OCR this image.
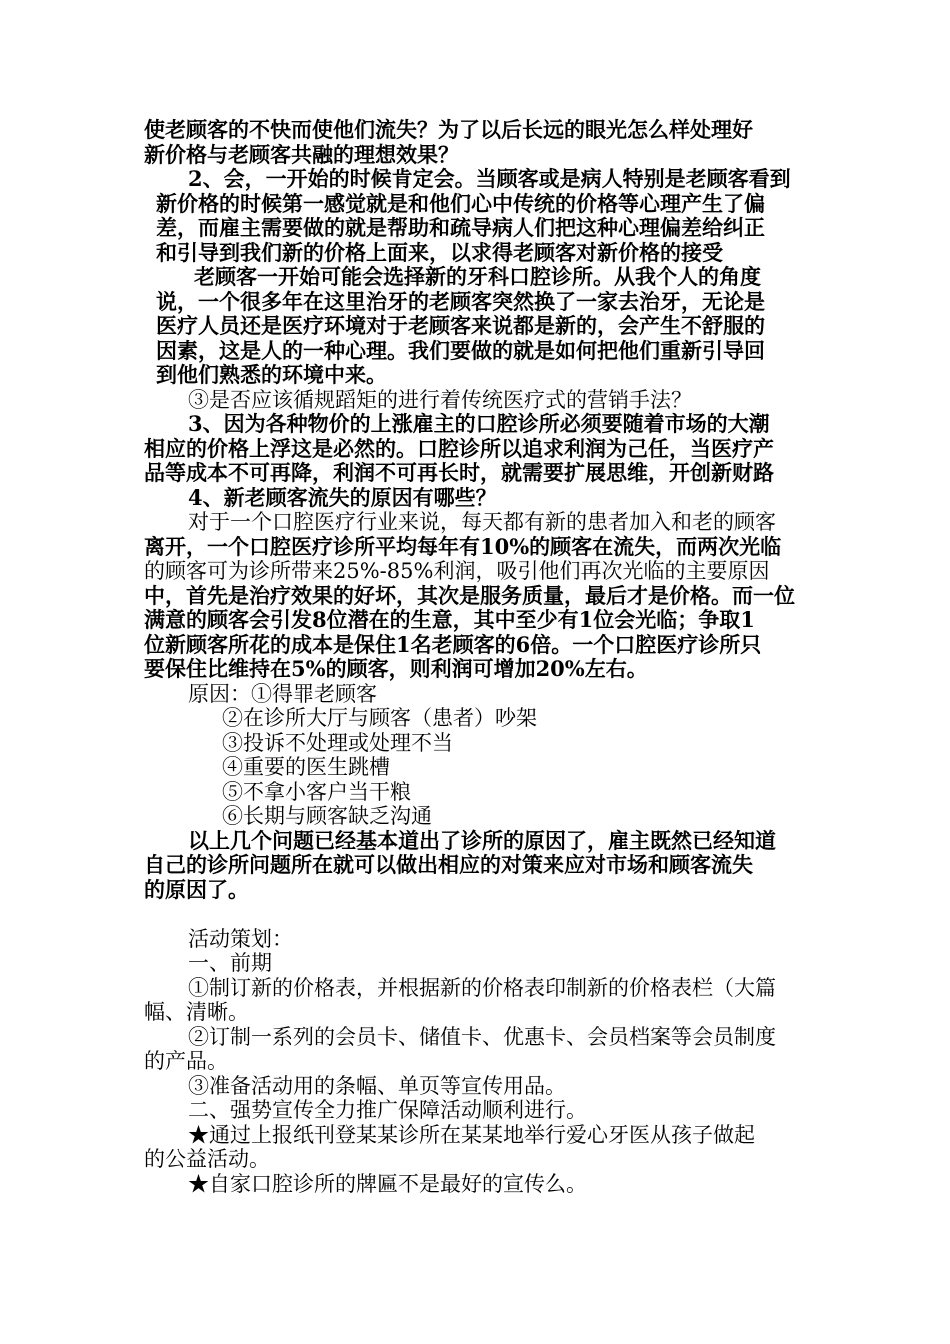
使老顾客的不快而使他们流失？为了以后长远的眼光怎么样处理好
新价格与老顾客共融的理想效果？
2、会，一开始的时候肯定会。当顾客或是病人特别是老顾客看到
新价格的时候第一感觉就是和他们心中传统的价格等心理产生了偏
差，而雇主需要做的就是帮助和疏导病人们把这种心理偏差给纠正
和引导到我们新的价格上面来，以求得老顾客对新价格的接受
老顾客一开始可能会选择新的牙科口腔诊所。从我个人的角度
说，一个很多年在这里治牙的老顾客突然换了一家去治牙，无论是
医疗人员还是医疗环境对于老顾客来说都是新的，会产生不舒服的
因素，这是人的一种心理。我们要做的就是如何把他们重新引导回
到他们熟悉的环境中来。
③是否应该循规蹈矩的进行着传统医疗式的营销手法？
3、因为各种物价的上涨雇主的口腔诊所必须要随着市场的大潮
相应的价格上浮这是必然的。口腔诊所以追求利润为己任，当医疗产
品等成本不可再降，利润不可再长时，就需要扩展思维，开创新财路
4、新老顾客流失的原因有哪些？
对于一个口腔医疗行业来说，每天都有新的患者加入和老的顾客
离开，一个口腔医疗诊所平均每年有10%的顾客在流失，而两次光临
的顾客可为诊所带来25%-85%利润，吸引他们再次光临的主要原因
中，首先是治疗效果的好坏，其次是服务质量，最后才是价格。而一位
满意的顾客会引发8位潜在的生意，其中至少有1位会光临；争取1
位新顾客所花的成本是保住1名老顾客的6倍。一个口腔医疗诊所只
要保住比维持在5%的顾客，则利润可增加20%左右。
原因：①得罪老顾客
②在诊所大厅与顾客（患者）吵架
③投诉不处理或处理不当
④重要的医生跳槽
⑤不拿小客户当干粮
⑥长期与顾客缺乏沟通
以上几个问题已经基本道出了诊所的原因了，雇主既然已经知道
自己的诊所问题所在就可以做出相应的对策来应对市场和顾客流失
的原因了。
活动策划：
一、前期
①制订新的价格表，并根据新的价格表印制新的价格表栏（大篇
幅、清晰。
②订制一系列的会员卡、储值卡、优惠卡、会员档案等会员制度
的产品。
③准备活动用的条幅、单页等宣传用品。
二、强势宣传全力推广保障活动顺利进行。
★通过上报纸刊登某某诊所在某某地举行爱心牙医从孩子做起
的公益活动。
★自家口腔诊所的牌匾不是最好的宣传么。
